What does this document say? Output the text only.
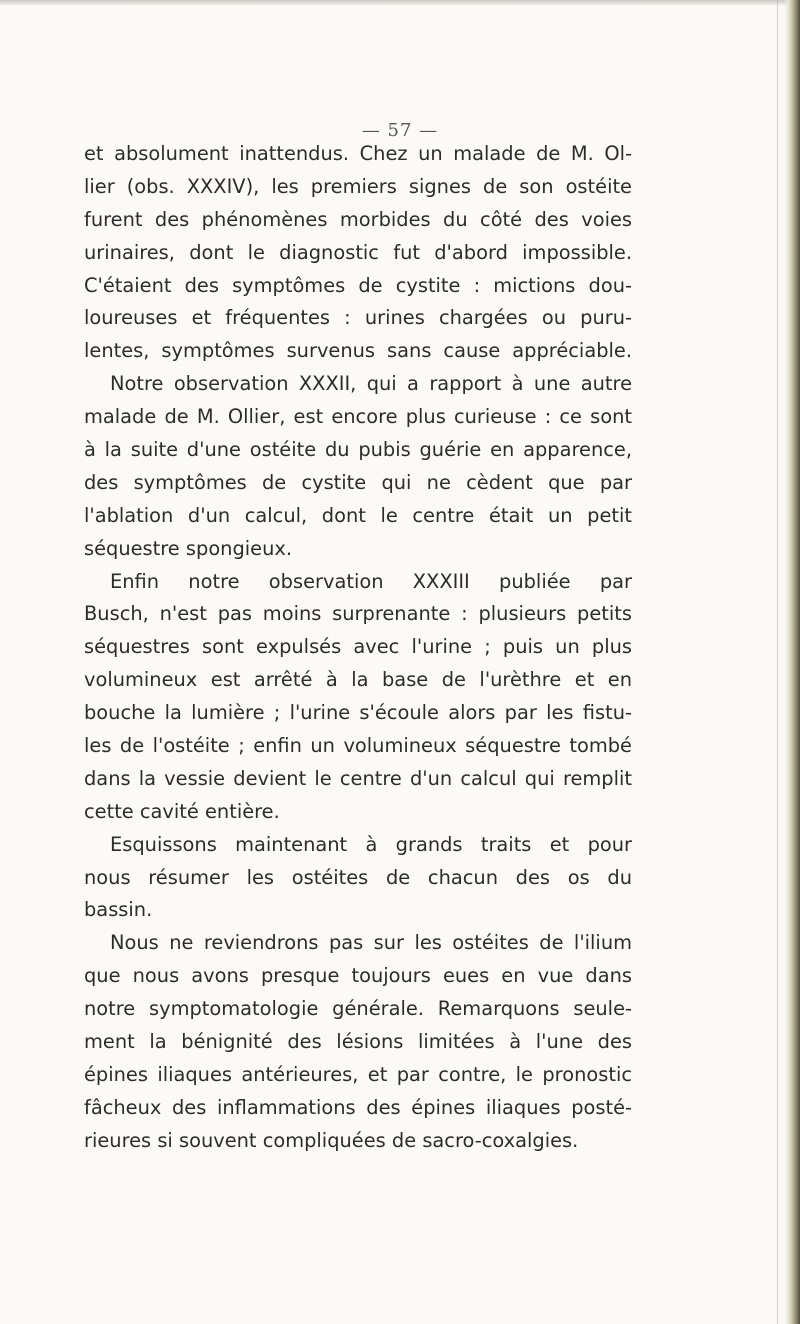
— 57 —
et absolument inattendus. Chez un malade de M. Ol-
lier (obs. XXXIV), les premiers signes de son ostéite
furent des phénomènes morbides du côté des voies
urinaires, dont le diagnostic fut d'abord impossible.
C'étaient des symptômes de cystite : mictions dou-
loureuses et fréquentes : urines chargées ou puru-
lentes, symptômes survenus sans cause appréciable.
Notre observation XXXII, qui a rapport à une autre
malade de M. Ollier, est encore plus curieuse : ce sont
à la suite d'une ostéite du pubis guérie en apparence,
des symptômes de cystite qui ne cèdent que par
l'ablation d'un calcul, dont le centre était un petit
séquestre spongieux.
Enfin notre observation XXXIII publiée par
Busch, n'est pas moins surprenante : plusieurs petits
séquestres sont expulsés avec l'urine ; puis un plus
volumineux est arrêté à la base de l'urèthre et en
bouche la lumière ; l'urine s'écoule alors par les fistu-
les de l'ostéite ; enfin un volumineux séquestre tombé
dans la vessie devient le centre d'un calcul qui remplit
cette cavité entière.
Esquissons maintenant à grands traits et pour
nous résumer les ostéites de chacun des os du
bassin.
Nous ne reviendrons pas sur les ostéites de l'ilium
que nous avons presque toujours eues en vue dans
notre symptomatologie générale. Remarquons seule-
ment la bénignité des lésions limitées à l'une des
épines iliaques antérieures, et par contre, le pronostic
fâcheux des inflammations des épines iliaques posté-
rieures si souvent compliquées de sacro-coxalgies.
